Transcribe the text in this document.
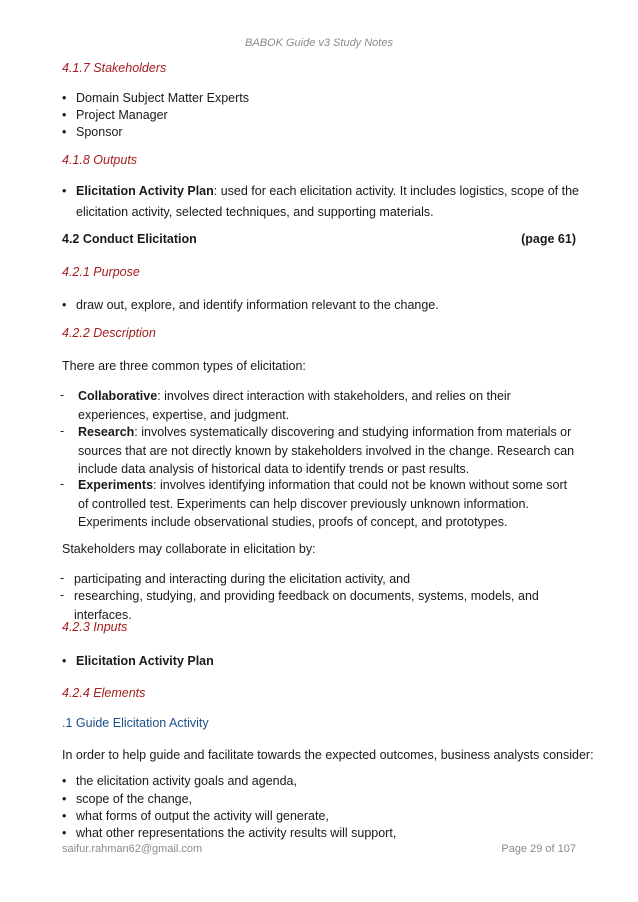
BABOK Guide v3 Study Notes
4.1.7 Stakeholders
• Domain Subject Matter Experts
• Project Manager
• Sponsor
4.1.8 Outputs
• Elicitation Activity Plan: used for each elicitation activity. It includes logistics, scope of the elicitation activity, selected techniques, and supporting materials.
4.2 Conduct Elicitation	(page 61)
4.2.1 Purpose
• draw out, explore, and identify information relevant to the change.
4.2.2 Description
There are three common types of elicitation:
- Collaborative: involves direct interaction with stakeholders, and relies on their experiences, expertise, and judgment.
- Research: involves systematically discovering and studying information from materials or sources that are not directly known by stakeholders involved in the change. Research can include data analysis of historical data to identify trends or past results.
- Experiments: involves identifying information that could not be known without some sort of controlled test. Experiments can help discover previously unknown information. Experiments include observational studies, proofs of concept, and prototypes.
Stakeholders may collaborate in elicitation by:
- participating and interacting during the elicitation activity, and
- researching, studying, and providing feedback on documents, systems, models, and interfaces.
4.2.3 Inputs
• Elicitation Activity Plan
4.2.4 Elements
.1 Guide Elicitation Activity
In order to help guide and facilitate towards the expected outcomes, business analysts consider:
• the elicitation activity goals and agenda,
• scope of the change,
• what forms of output the activity will generate,
• what other representations the activity results will support,
saifur.rahman62@gmail.com	Page 29 of 107
